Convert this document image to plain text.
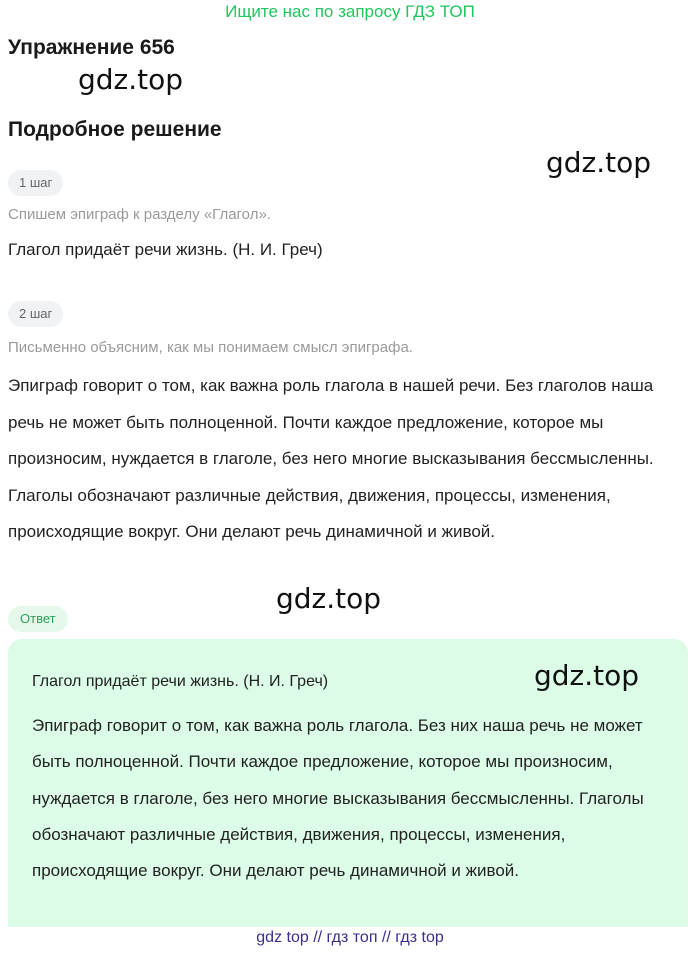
Ищите нас по запросу ГДЗ ТОП
Упражнение 656
gdz.top
Подробное решение
gdz.top
1 шаг
Спишем эпиграф к разделу «Глагол».
Глагол придаёт речи жизнь. (Н. И. Греч)
2 шаг
Письменно объясним, как мы понимаем смысл эпиграфа.
Эпиграф говорит о том, как важна роль глагола в нашей речи. Без глаголов наша речь не может быть полноценной. Почти каждое предложение, которое мы произносим, нуждается в глаголе, без него многие высказывания бессмысленны. Глаголы обозначают различные действия, движения, процессы, изменения, происходящие вокруг. Они делают речь динамичной и живой.
gdz.top
Ответ
Глагол придаёт речи жизнь. (Н. И. Греч)
Эпиграф говорит о том, как важна роль глагола. Без них наша речь не может быть полноценной. Почти каждое предложение, которое мы произносим, нуждается в глаголе, без него многие высказывания бессмысленны. Глаголы обозначают различные действия, движения, процессы, изменения, происходящие вокруг. Они делают речь динамичной и живой.
gdz.top
gdz top // гдз топ // гдз top
